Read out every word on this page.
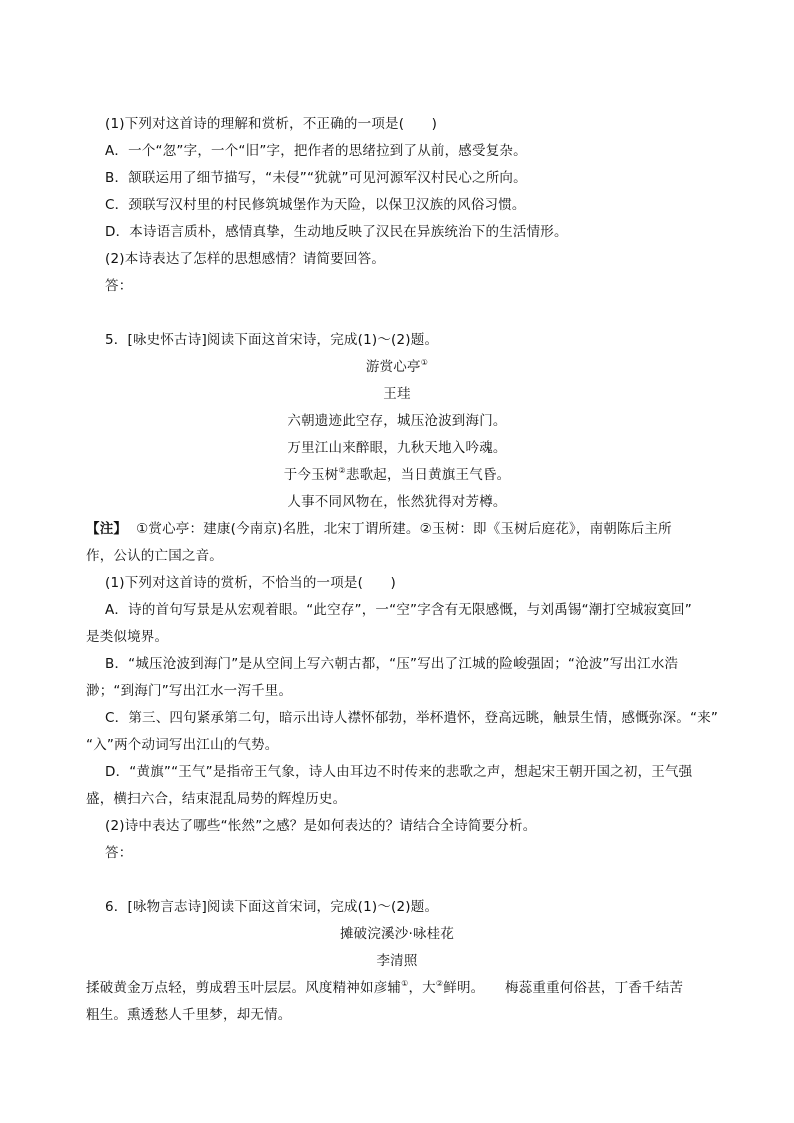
(1)下列对这首诗的理解和赏析，不正确的一项是(　　)
A．一个“忽”字，一个“旧”字，把作者的思绪拉到了从前，感受复杂。
B．颔联运用了细节描写，“未侵”“犹就”可见河源军汉村民心之所向。
C．颈联写汉村里的村民修筑城堡作为天险，以保卫汉族的风俗习惯。
D．本诗语言质朴，感情真挚，生动地反映了汉民在异族统治下的生活情形。
(2)本诗表达了怎样的思想感情？请简要回答。
答：
5．[咏史怀古诗]阅读下面这首宋诗，完成(1)～(2)题。
游赏心亭①
王珪
六朝遗迹此空存，城压沧波到海门。
万里江山来醉眼，九秋天地入吟魂。
于今玉树②悲歌起，当日黄旗王气昏。
人事不同风物在，怅然犹得对芳樽。
【注】 ①赏心亭：建康(今南京)名胜，北宋丁谓所建。②玉树：即《玉树后庭花》，南朝陈后主所
作，公认的亡国之音。
(1)下列对这首诗的赏析，不恰当的一项是(　　)
A．诗的首句写景是从宏观着眼。“此空存”，一“空”字含有无限感慨，与刘禹锡“潮打空城寂寞回”
是类似境界。
B．“城压沧波到海门”是从空间上写六朝古都，“压”写出了江城的险峻强固；“沧波”写出江水浩
渺；“到海门”写出江水一泻千里。
C．第三、四句紧承第二句，暗示出诗人襟怀郁勃，举杯遣怀，登高远眺，触景生情，感慨弥深。“来”
“入”两个动词写出江山的气势。
D．“黄旗”“王气”是指帝王气象，诗人由耳边不时传来的悲歌之声，想起宋王朝开国之初，王气强
盛，横扫六合，结束混乱局势的辉煌历史。
(2)诗中表达了哪些“怅然”之感？是如何表达的？请结合全诗简要分析。
答：
6．[咏物言志诗]阅读下面这首宋词，完成(1)～(2)题。
摊破浣溪沙·咏桂花
李清照
揉破黄金万点轻，剪成碧玉叶层层。风度精神如彦辅①，大②鲜明。　　梅蕊重重何俗甚，丁香千结苦
粗生。熏透愁人千里梦，却无情。
